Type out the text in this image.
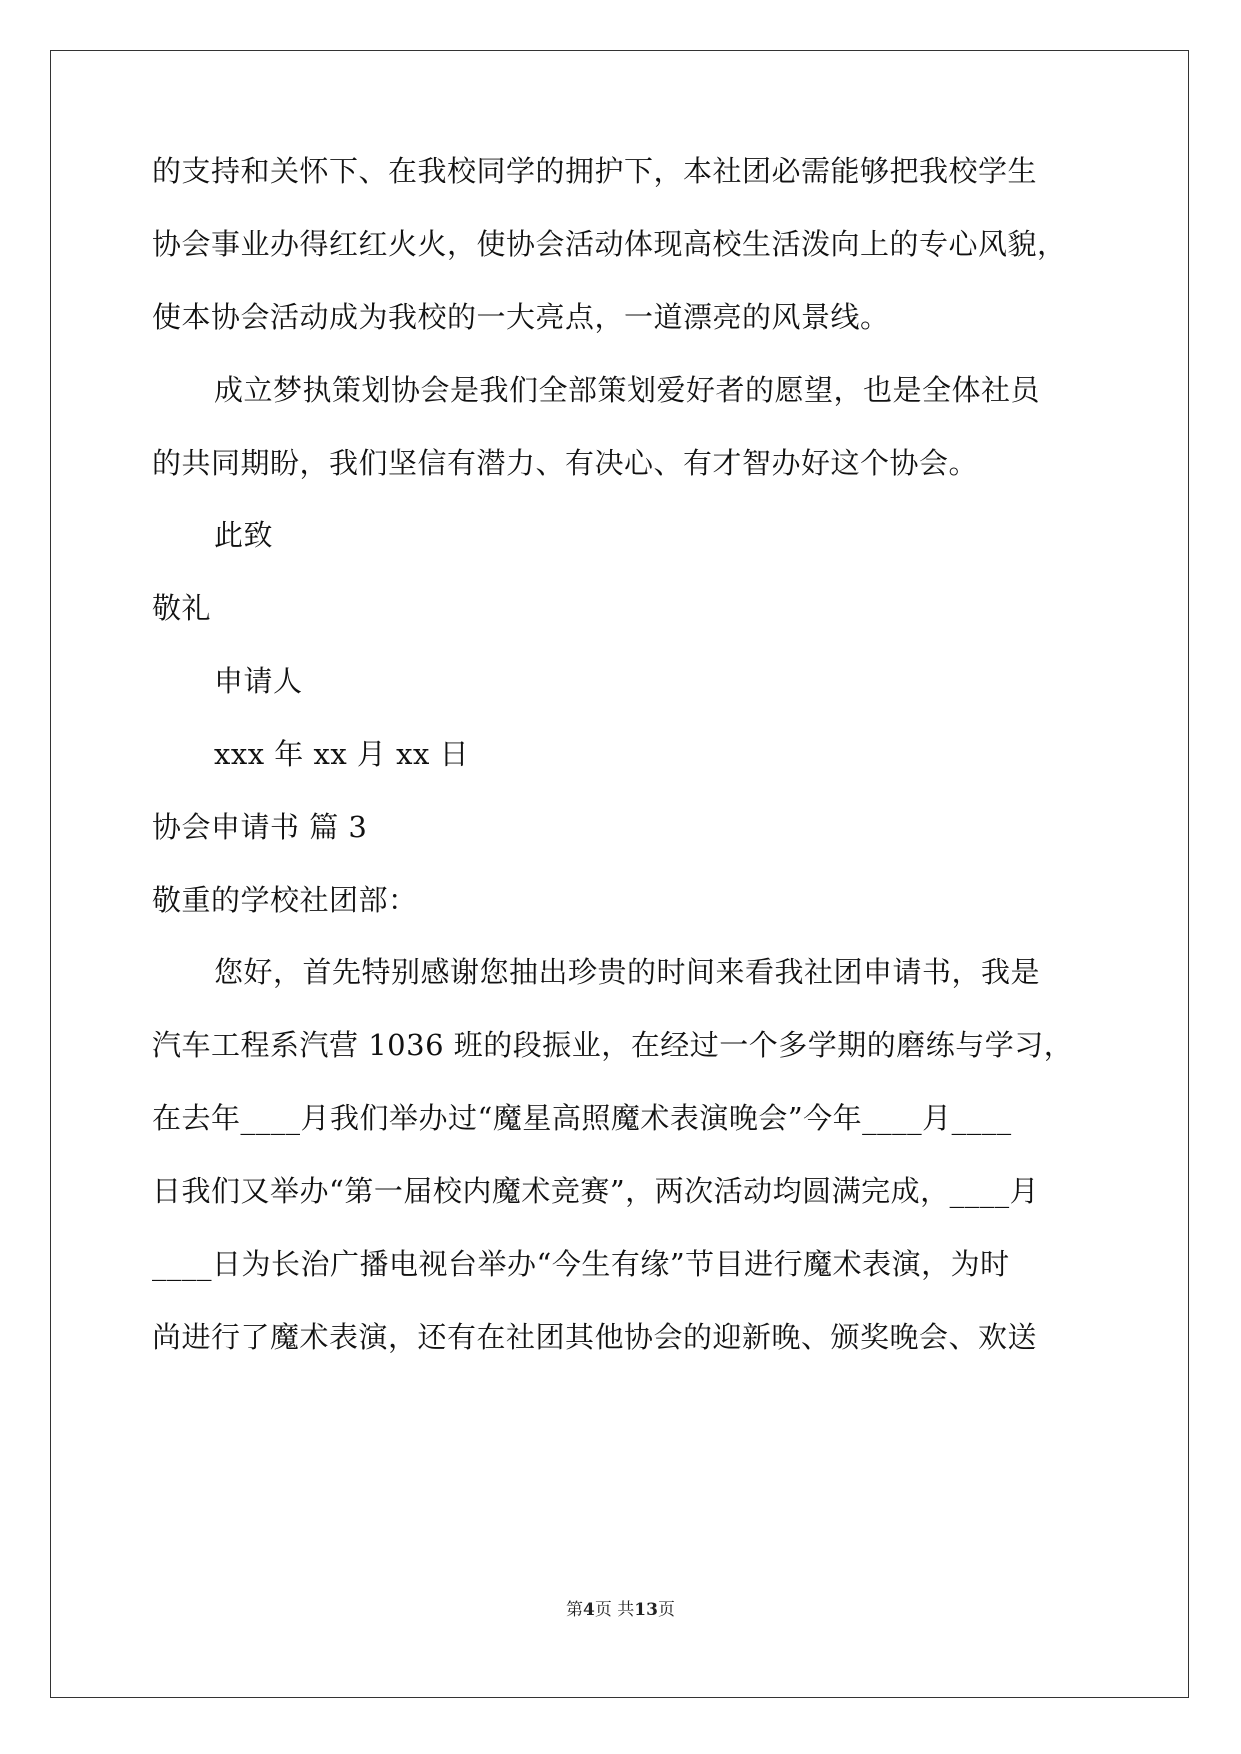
的支持和关怀下、在我校同学的拥护下，本社团必需能够把我校学生
协会事业办得红红火火，使协会活动体现高校生活泼向上的专心风貌，
使本协会活动成为我校的一大亮点，一道漂亮的风景线。
成立梦执策划协会是我们全部策划爱好者的愿望，也是全体社员
的共同期盼，我们坚信有潜力、有决心、有才智办好这个协会。
此致
敬礼
申请人
xxx 年 xx 月 xx 日
协会申请书 篇 3
敬重的学校社团部：
您好，首先特别感谢您抽出珍贵的时间来看我社团申请书，我是
汽车工程系汽营 1036 班的段振业，在经过一个多学期的磨练与学习，
在去年____月我们举办过“魔星高照魔术表演晚会”今年____月____
日我们又举办“第一届校内魔术竞赛”，两次活动均圆满完成，____月
____日为长治广播电视台举办“今生有缘”节目进行魔术表演，为时
尚进行了魔术表演，还有在社团其他协会的迎新晚、颁奖晚会、欢送
第4页 共13页
